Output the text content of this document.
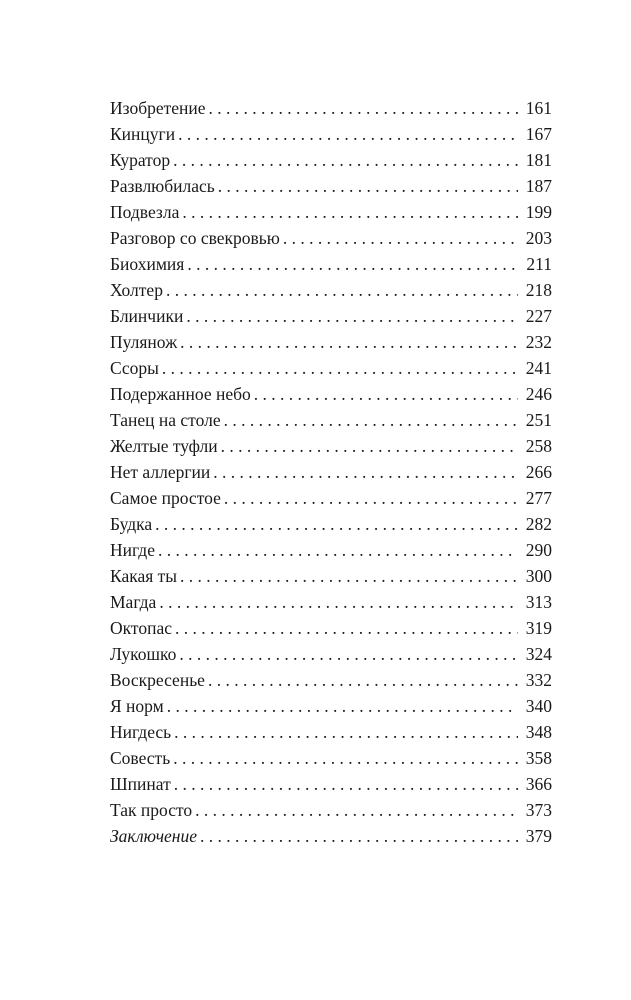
Изобретение . . .	161
Кинцуги . . .	167
Куратор . . .	181
Развлюбилась . . .	187
Подвезла . . .	199
Разговор со свекровью . . .	203
Биохимия . . .	211
Холтер . . .	218
Блинчики . . .	227
Пулянож . . .	232
Ссоры . . .	241
Подержанное небо . . .	246
Танец на столе . . .	251
Желтые туфли . . .	258
Нет аллергии . . .	266
Самое простое . . .	277
Будка . . .	282
Нигде . . .	290
Какая ты . . .	300
Магда . . .	313
Октопас . . .	319
Лукошко . . .	324
Воскресенье . . .	332
Я норм . . .	340
Нигдесь . . .	348
Совесть . . .	358
Шпинат . . .	366
Так просто . . .	373
Заключение . . .	379
